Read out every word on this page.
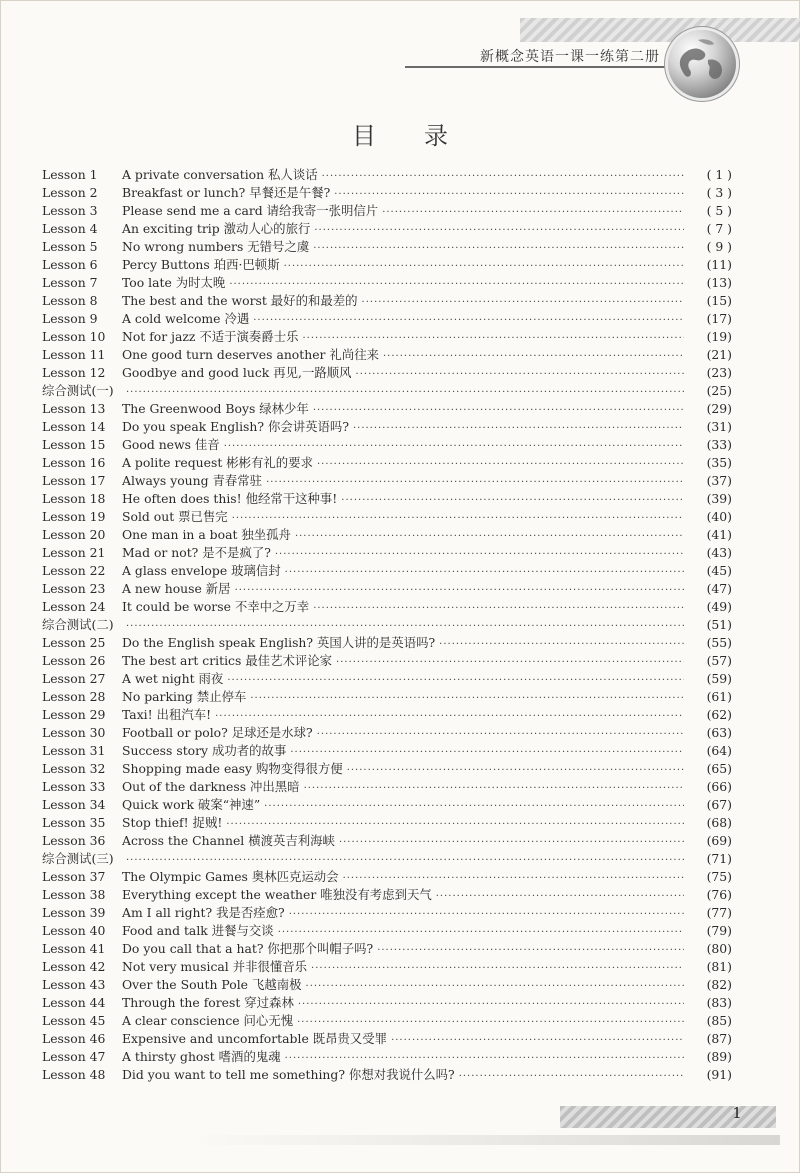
新概念英语一课一练第二册
目录
Lesson 1	A private conversation 私人谈话 ·····	( 1 )
Lesson 2	Breakfast or lunch? 早餐还是午餐? ·····	( 3 )
Lesson 3	Please send me a card 请给我寄一张明信片 ·····	( 5 )
Lesson 4	An exciting trip 激动人心的旅行 ·····	( 7 )
Lesson 5	No wrong numbers 无错号之虞 ·····	( 9 )
Lesson 6	Percy Buttons 珀西·巴顿斯 ·····	(11)
Lesson 7	Too late 为时太晚 ·····	(13)
Lesson 8	The best and the worst 最好的和最差的 ·····	(15)
Lesson 9	A cold welcome 冷遇 ·····	(17)
Lesson 10	Not for jazz 不适于演奏爵士乐 ·····	(19)
Lesson 11	One good turn deserves another 礼尚往来 ·····	(21)
Lesson 12	Goodbye and good luck 再见,一路顺风 ·····	(23)
综合测试(一) ·····	(25)
Lesson 13	The Greenwood Boys 绿林少年 ·····	(29)
Lesson 14	Do you speak English? 你会讲英语吗? ·····	(31)
Lesson 15	Good news 佳音 ·····	(33)
Lesson 16	A polite request 彬彬有礼的要求 ·····	(35)
Lesson 17	Always young 青春常驻 ·····	(37)
Lesson 18	He often does this! 他经常干这种事! ·····	(39)
Lesson 19	Sold out 票已售完 ·····	(40)
Lesson 20	One man in a boat 独坐孤舟 ·····	(41)
Lesson 21	Mad or not? 是不是疯了? ·····	(43)
Lesson 22	A glass envelope 玻璃信封 ·····	(45)
Lesson 23	A new house 新居 ·····	(47)
Lesson 24	It could be worse 不幸中之万幸 ·····	(49)
综合测试(二) ·····	(51)
Lesson 25	Do the English speak English? 英国人讲的是英语吗? ·····	(55)
Lesson 26	The best art critics 最佳艺术评论家 ·····	(57)
Lesson 27	A wet night 雨夜 ·····	(59)
Lesson 28	No parking 禁止停车 ·····	(61)
Lesson 29	Taxi! 出租汽车! ·····	(62)
Lesson 30	Football or polo? 足球还是水球? ·····	(63)
Lesson 31	Success story 成功者的故事 ·····	(64)
Lesson 32	Shopping made easy 购物变得很方便 ·····	(65)
Lesson 33	Out of the darkness 冲出黑暗 ·····	(66)
Lesson 34	Quick work 破案“神速” ·····	(67)
Lesson 35	Stop thief! 捉贼! ·····	(68)
Lesson 36	Across the Channel 横渡英吉利海峡 ·····	(69)
综合测试(三) ·····	(71)
Lesson 37	The Olympic Games 奥林匹克运动会 ·····	(75)
Lesson 38	Everything except the weather 唯独没有考虑到天气 ·····	(76)
Lesson 39	Am I all right? 我是否痊愈? ·····	(77)
Lesson 40	Food and talk 进餐与交谈 ·····	(79)
Lesson 41	Do you call that a hat? 你把那个叫帽子吗? ·····	(80)
Lesson 42	Not very musical 并非很懂音乐 ·····	(81)
Lesson 43	Over the South Pole 飞越南极 ·····	(82)
Lesson 44	Through the forest 穿过森林 ·····	(83)
Lesson 45	A clear conscience 问心无愧 ·····	(85)
Lesson 46	Expensive and uncomfortable 既昂贵又受罪 ·····	(87)
Lesson 47	A thirsty ghost 嗜酒的鬼魂 ·····	(89)
Lesson 48	Did you want to tell me something? 你想对我说什么吗? ·····	(91)
1
